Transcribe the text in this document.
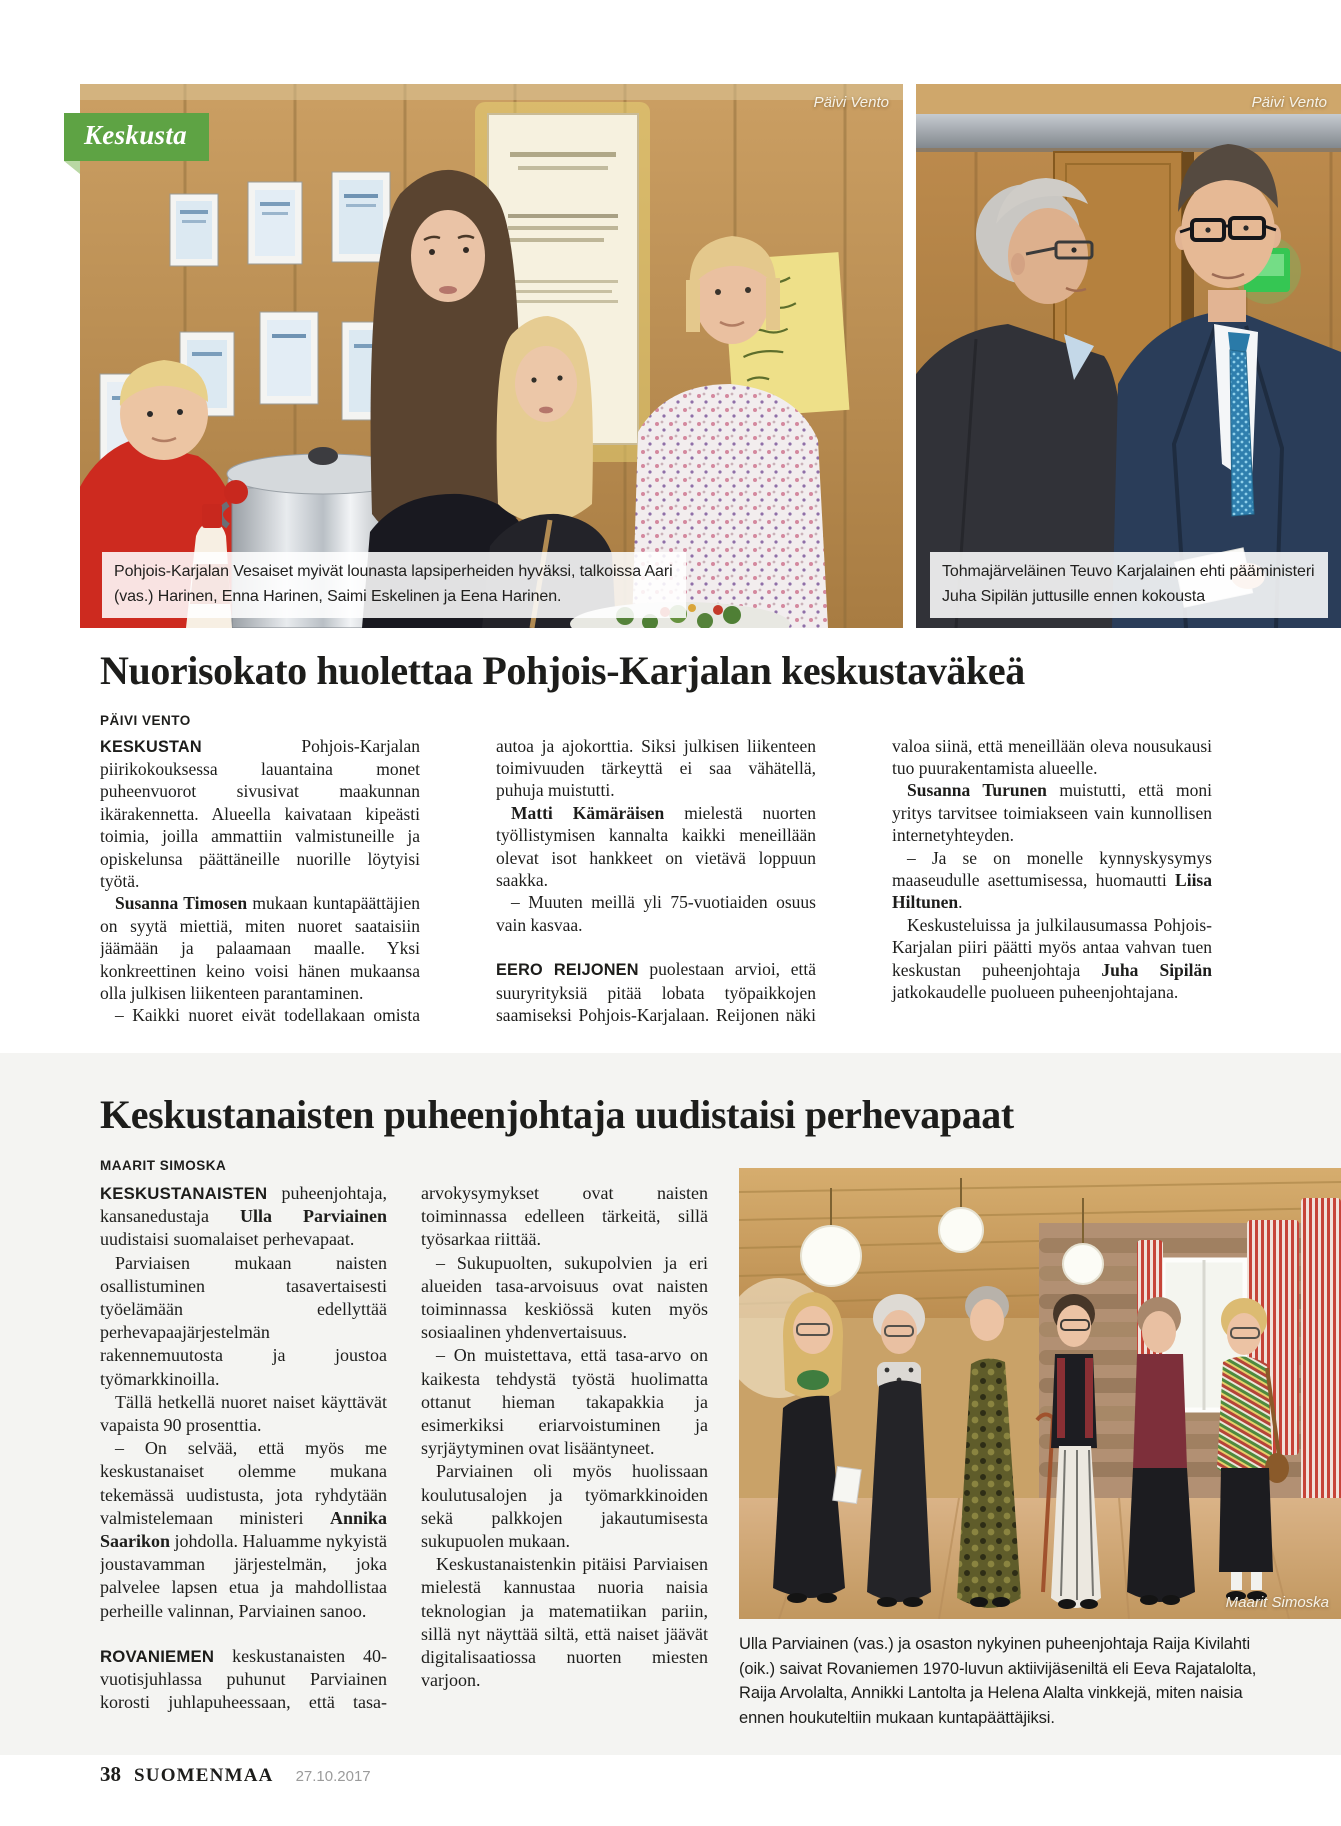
Päivi Vento
Pohjois-Karjalan Vesaiset myivät lounasta lapsiperheiden hyväksi, talkoissa Aari (vas.) Harinen, Enna Harinen, Saimi Eskelinen ja Eena Harinen.
Keskusta
Päivi Vento
Tohmajärveläinen Teuvo Karjalainen ehti pääministeri Juha Sipilän juttusille ennen kokousta
Nuorisokato huolettaa Pohjois-Karjalan keskustaväkeä
PÄIVI VENTO

KESKUSTAN Pohjois-Karjalan piirikokouksessa lauantaina monet puheenvuorot sivusivat maakunnan ikärakennetta. Alueella kaivataan kipeästi toimia, joilla ammattiin valmistuneille ja opiskelunsa päättäneille nuorille löytyisi työtä.

Susanna Timosen mukaan kuntapäättäjien on syytä miettiä, miten nuoret saataisiin jäämään ja palaamaan maalle. Yksi konkreettinen keino voisi hänen mukaansa olla julkisen liikenteen parantaminen.

– Kaikki nuoret eivät todellakaan omista autoa ja ajokorttia. Siksi julkisen liikenteen toimivuuden tärkeyttä ei saa vähätellä, puhuja muistutti.

Matti Kämäräisen mielestä nuorten työllistymisen kannalta kaikki meneillään olevat isot hankkeet on vietävä loppuun saakka.

– Muuten meillä yli 75-vuotiaiden osuus vain kasvaa.

EERO REIJONEN puolestaan arvioi, että suuryrityksiä pitää lobata työpaikkojen saamiseksi Pohjois-Karjalaan. Reijonen näki valoa siinä, että meneillään oleva nousukausi tuo puurakentamista alueelle.

Susanna Turunen muistutti, että moni yritys tarvitsee toimiakseen vain kunnollisen internetyhteyden.

– Ja se on monelle kynnyskysymys maaseudulle asettumisessa, huomautti Liisa Hiltunen.

Keskusteluissa ja julkilausumassa Pohjois-Karjalan piiri päätti myös antaa vahvan tuen keskustan puheenjohtaja Juha Sipilän jatkokaudelle puolueen puheenjohtajana.

Keskustanaisten puheenjohtaja uudistaisi perhevapaat
MAARIT SIMOSKA

KESKUSTANAISTEN puheenjohtaja, kansanedustaja Ulla Parviainen uudistaisi suomalaiset perhevapaat.

Parviaisen mukaan naisten osallistuminen tasavertaisesti työelämään edellyttää perhevapaajärjestelmän rakennemuutosta ja joustoa työmarkkinoilla.

Tällä hetkellä nuoret naiset käyttävät vapaista 90 prosenttia.

– On selvää, että myös me keskustanaiset olemme mukana tekemässä uudistusta, jota ryhdytään valmistelemaan ministeri Annika Saarikon johdolla. Haluamme nykyistä joustavamman järjestelmän, joka palvelee lapsen etua ja mahdollistaa perheille valinnan, Parviainen sanoo.

ROVANIEMEN keskustanaisten 40-vuotisjuhlassa puhunut Parviainen korosti juhlapuheessaan, että tasa-arvokysymykset ovat naisten toiminnassa edelleen tärkeitä, sillä työsarkaa riittää.

– Sukupuolten, sukupolvien ja eri alueiden tasa-arvoisuus ovat naisten toiminnassa keskiössä kuten myös sosiaalinen yhdenvertaisuus.

– On muistettava, että tasa-arvo on kaikesta tehdystä työstä huolimatta ottanut hieman takapakkia ja esimerkiksi eriarvoistuminen ja syrjäytyminen ovat lisääntyneet.

Parviainen oli myös huolissaan koulutusalojen ja työmarkkinoiden sekä palkkojen jakautumisesta sukupuolen mukaan.

Keskustanaistenkin pitäisi Parviaisen mielestä kannustaa nuoria naisia teknologian ja matematiikan pariin, sillä nyt näyttää siltä, että naiset jäävät digitalisaatiossa nuorten miesten varjoon.

Maarit Simoska
Ulla Parviainen (vas.) ja osaston nykyinen puheenjohtaja Raija Kivilahti (oik.) saivat Rovaniemen 1970-luvun aktiivijäseniltä eli Eeva Rajatalolta, Raija Arvolalta, Annikki Lantolta ja Helena Alalta vinkkejä, miten naisia ennen houkuteltiin mukaan kuntapäättäjiksi.
38 SUOMENMAA 27.10.2017
